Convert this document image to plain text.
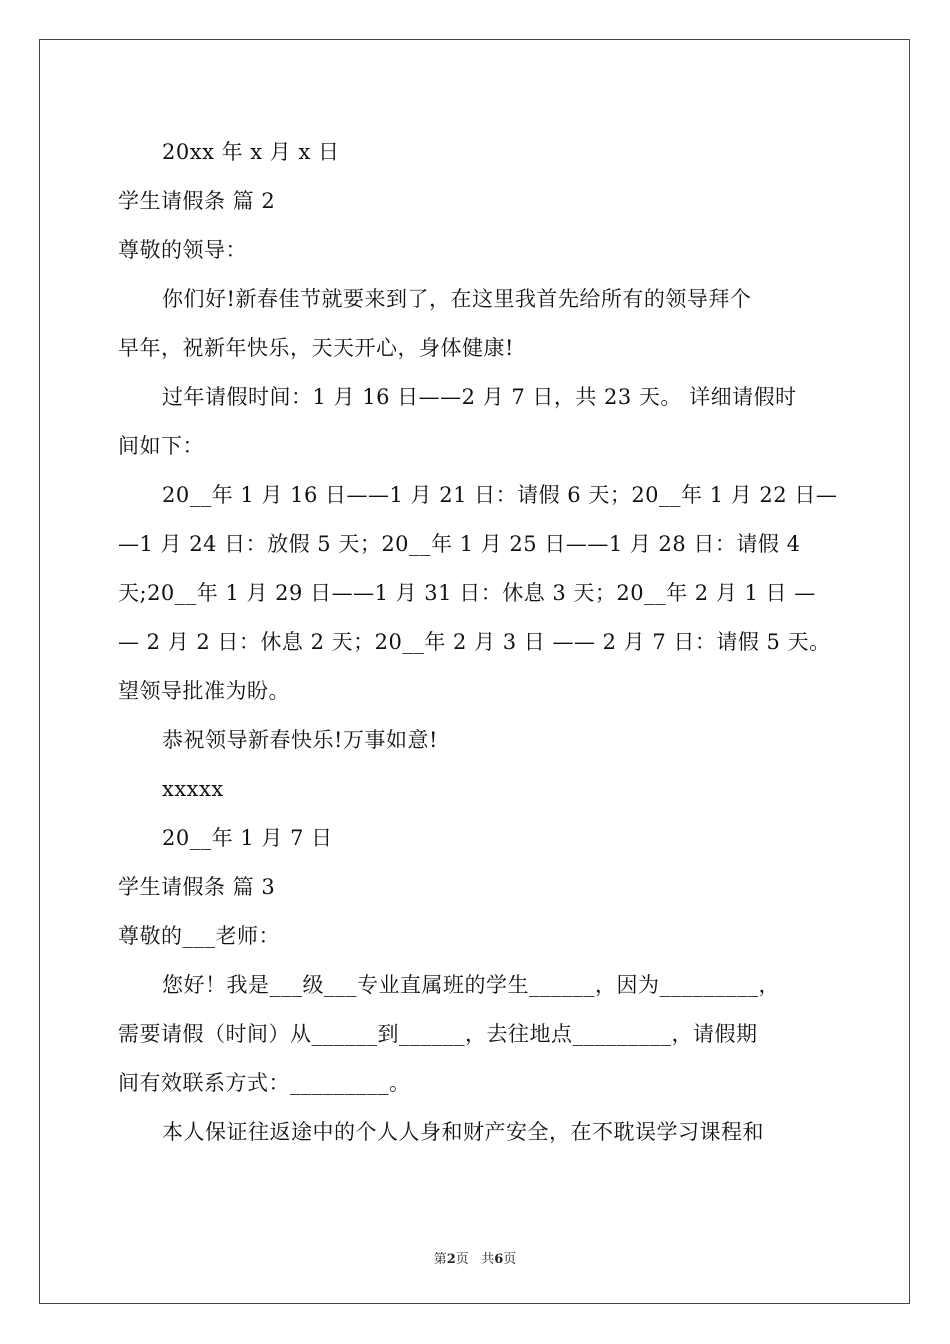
20xx 年 x 月 x 日
学生请假条 篇 2
尊敬的领导：
你们好!新春佳节就要来到了，在这里我首先给所有的领导拜个
早年，祝新年快乐，天天开心，身体健康!
过年请假时间：1 月 16 日——2 月 7 日，共 23 天。 详细请假时
间如下：
20__年 1 月 16 日——1 月 21 日：请假 6 天；20__年 1 月 22 日—
—1 月 24 日：放假 5 天；20__年 1 月 25 日——1 月 28 日：请假 4
天;20__年 1 月 29 日——1 月 31 日：休息 3 天；20__年 2 月 1 日 —
— 2 月 2 日：休息 2 天；20__年 2 月 3 日 —— 2 月 7 日：请假 5 天。
望领导批准为盼。
恭祝领导新春快乐!万事如意!
xxxxx
20__年 1 月 7 日
学生请假条 篇 3
尊敬的___老师：
您好！我是___级___专业直属班的学生______，因为_________，
需要请假（时间）从______到______，去往地点_________，请假期
间有效联系方式：_________。
本人保证往返途中的个人人身和财产安全，在不耽误学习课程和
第2页 共6页
